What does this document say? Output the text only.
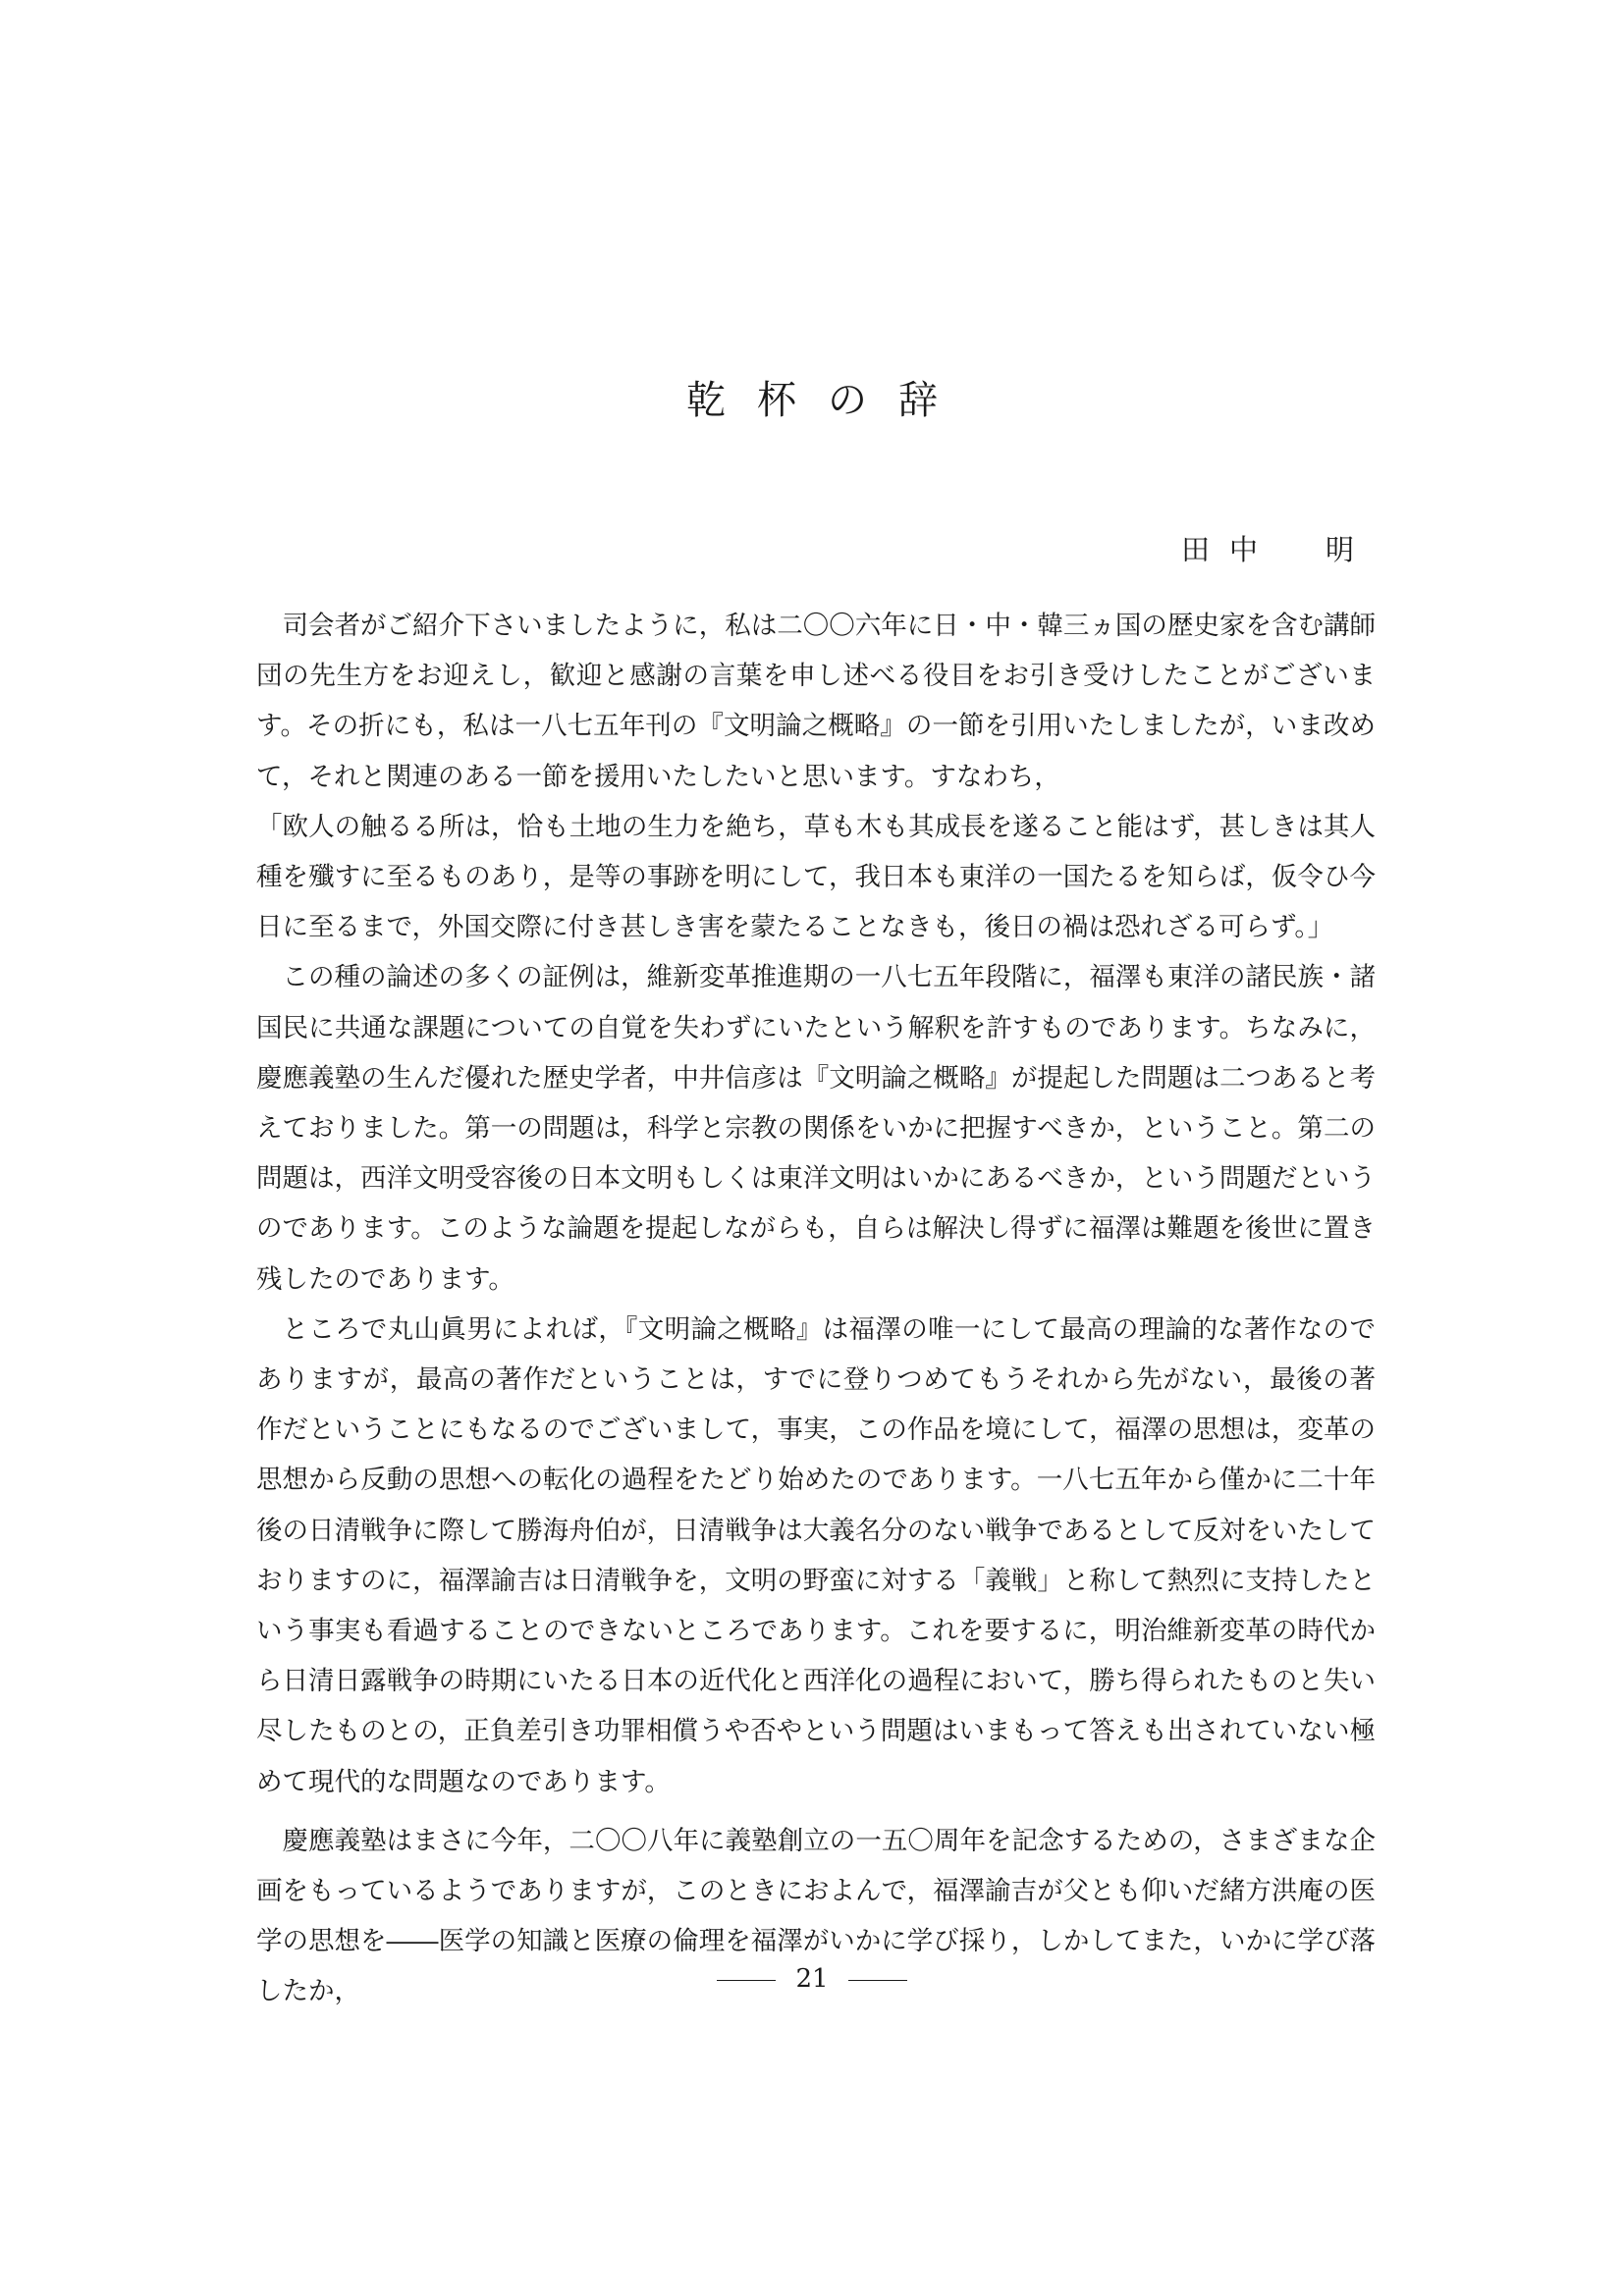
乾杯の辞
田中　明

司会者がご紹介下さいましたように，私は二〇〇六年に日・中・韓三ヵ国の歴史家を含む講師団の先生方をお迎えし，歓迎と感謝の言葉を申し述べる役目をお引き受けしたことがございます。その折にも，私は一八七五年刊の『文明論之概略』の一節を引用いたしましたが，いま改めて，それと関連のある一節を援用いたしたいと思います。すなわち，

「欧人の触るる所は，恰も土地の生力を絶ち，草も木も其成長を遂ること能はず，甚しきは其人種を殲すに至るものあり，是等の事跡を明にして，我日本も東洋の一国たるを知らば，仮令ひ今日に至るまで，外国交際に付き甚しき害を蒙たることなきも，後日の禍は恐れざる可らず。」

この種の論述の多くの証例は，維新変革推進期の一八七五年段階に，福澤も東洋の諸民族・諸国民に共通な課題についての自覚を失わずにいたという解釈を許すものであります。ちなみに，慶應義塾の生んだ優れた歴史学者，中井信彦は『文明論之概略』が提起した問題は二つあると考えておりました。第一の問題は，科学と宗教の関係をいかに把握すべきか，ということ。第二の問題は，西洋文明受容後の日本文明もしくは東洋文明はいかにあるべきか，という問題だというのであります。このような論題を提起しながらも，自らは解決し得ずに福澤は難題を後世に置き残したのであります。

ところで丸山眞男によれば，『文明論之概略』は福澤の唯一にして最高の理論的な著作なのでありますが，最高の著作だということは，すでに登りつめてもうそれから先がない，最後の著作だということにもなるのでございまして，事実，この作品を境にして，福澤の思想は，変革の思想から反動の思想への転化の過程をたどり始めたのであります。一八七五年から僅かに二十年後の日清戦争に際して勝海舟伯が，日清戦争は大義名分のない戦争であるとして反対をいたしておりますのに，福澤諭吉は日清戦争を，文明の野蛮に対する「義戦」と称して熱烈に支持したという事実も看過することのできないところであります。これを要するに，明治維新変革の時代から日清日露戦争の時期にいたる日本の近代化と西洋化の過程において，勝ち得られたものと失い尽したものとの，正負差引き功罪相償うや否やという問題はいまもって答えも出されていない極めて現代的な問題なのであります。

慶應義塾はまさに今年，二〇〇八年に義塾創立の一五〇周年を記念するための，さまざまな企画をもっているようでありますが，このときにおよんで，福澤諭吉が父とも仰いだ緒方洪庵の医学の思想を――医学の知識と医療の倫理を福澤がいかに学び採り，しかしてまた，いかに学び落したか，	21
